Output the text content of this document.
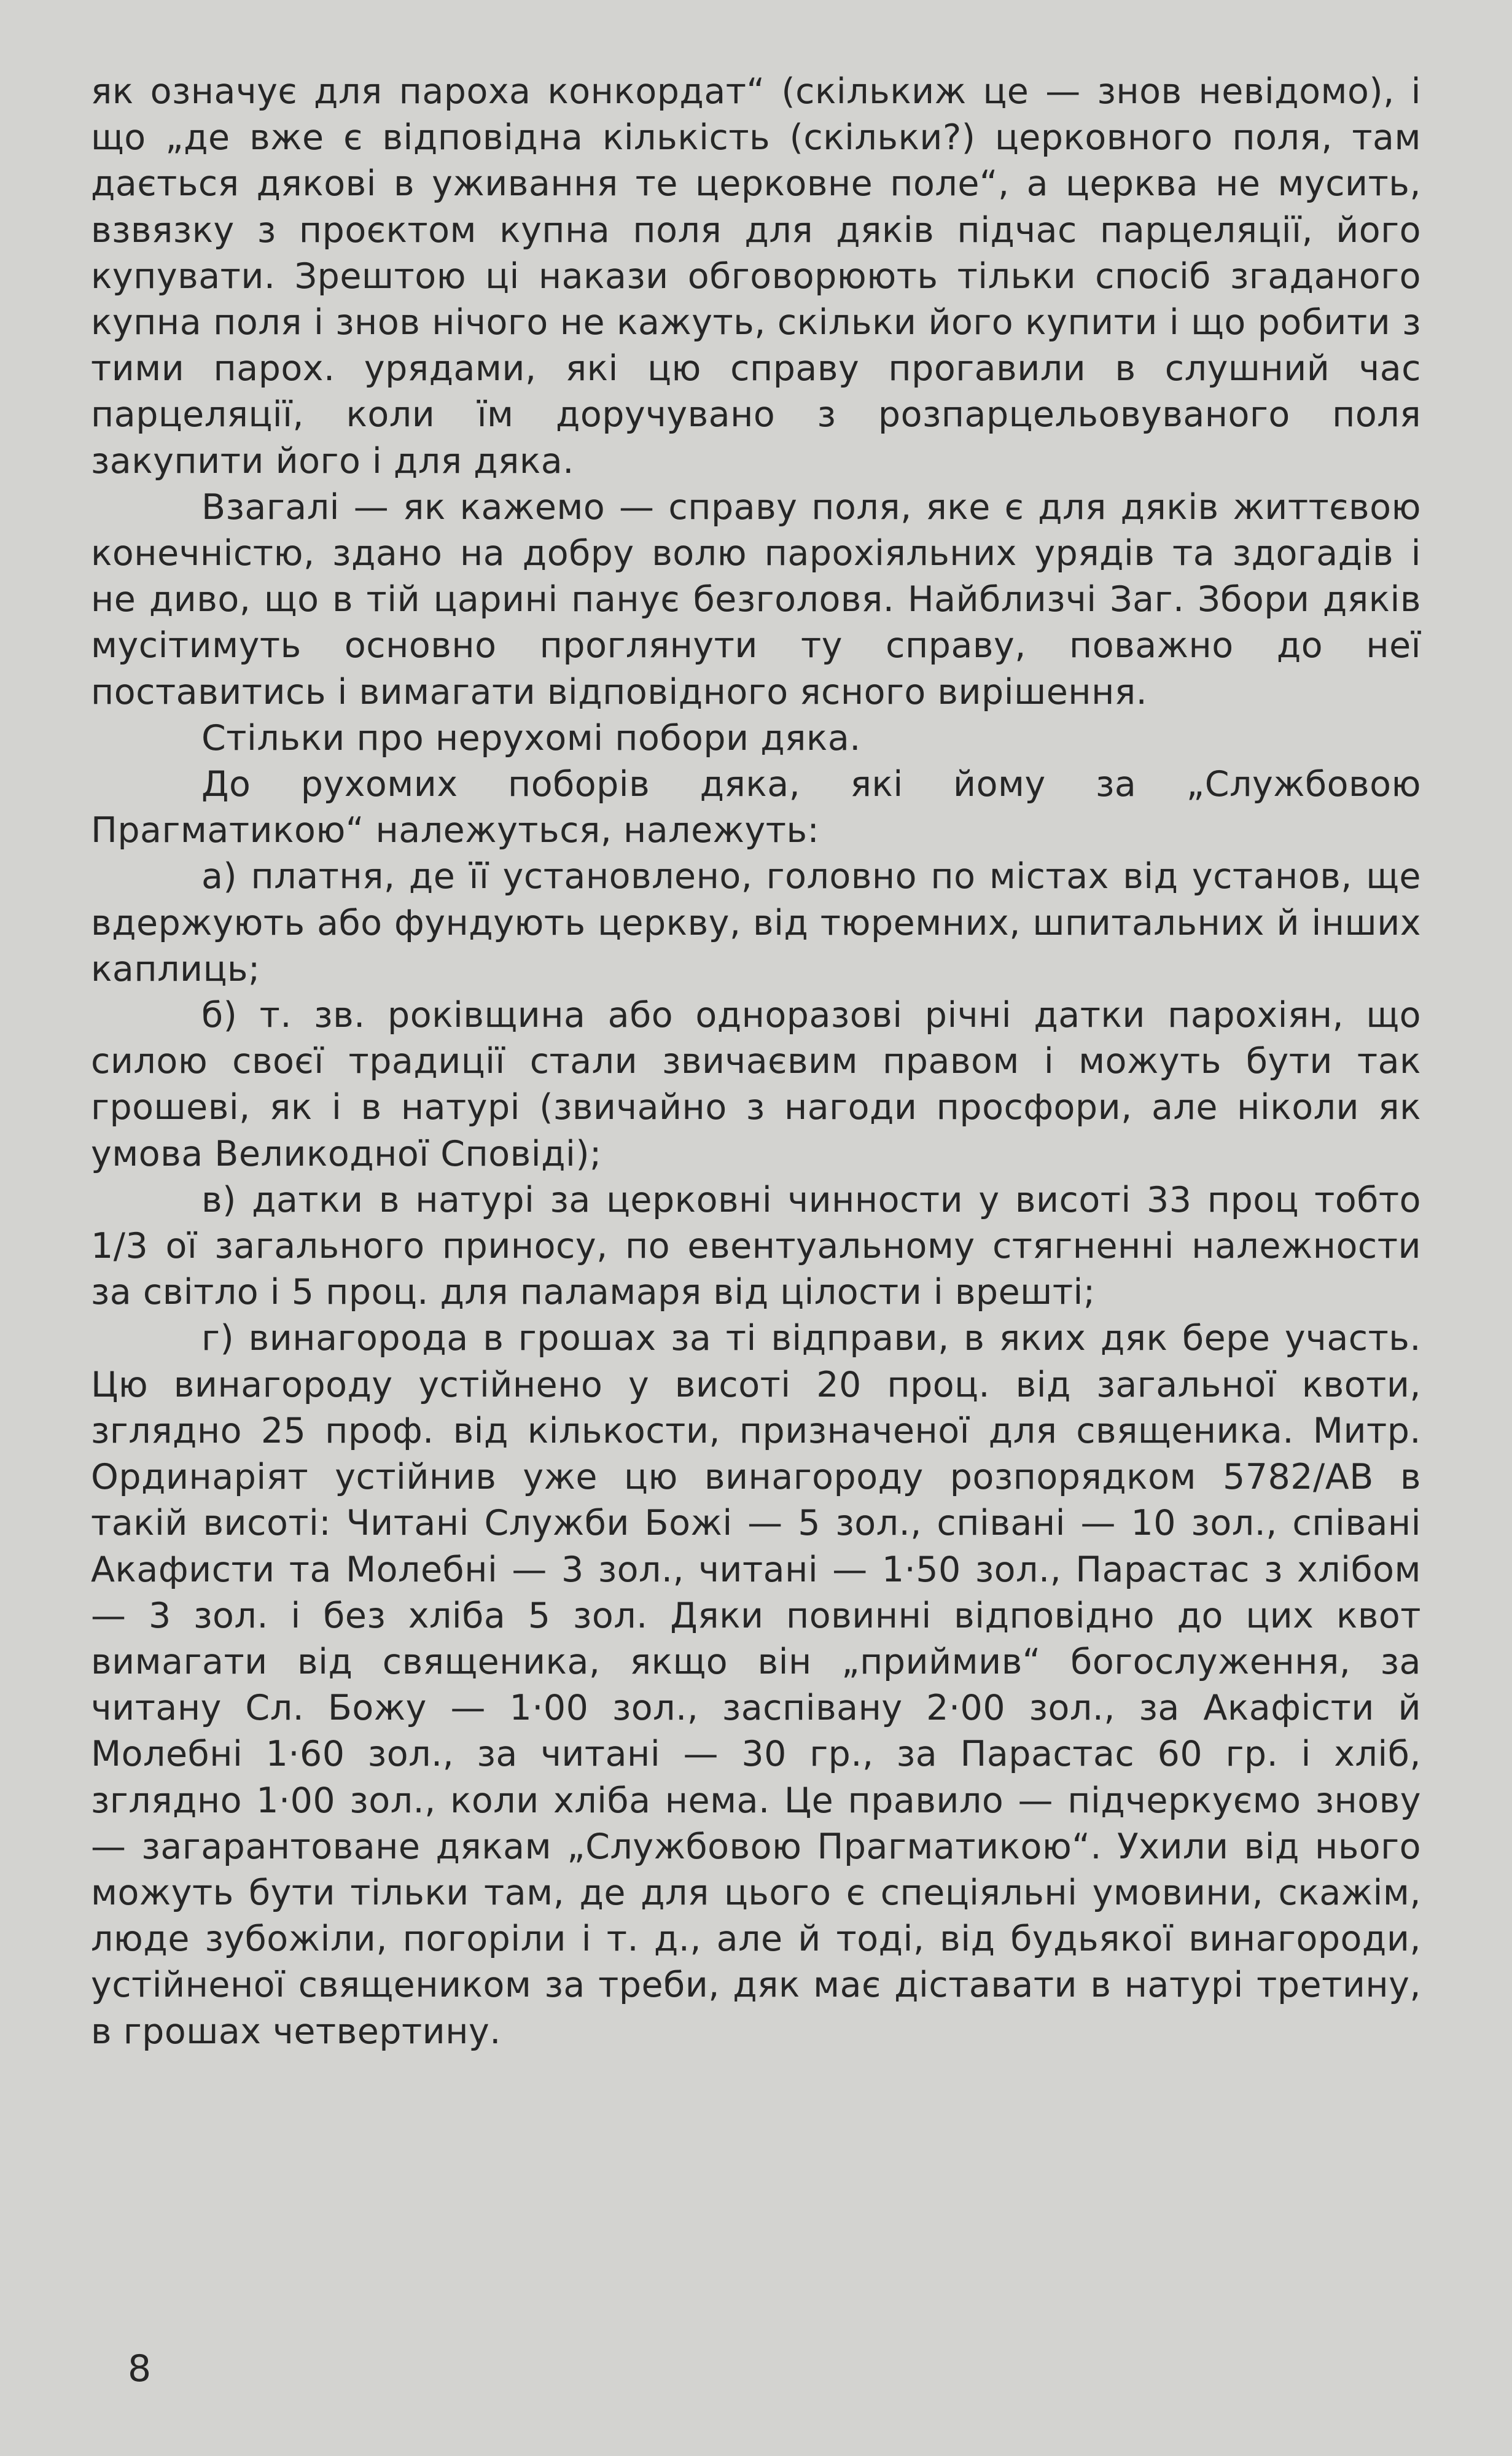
як означує для пароха конкордат“ (скількиж це — знов невідомо), і що „де вже є відповідна кількість (скільки?) церковного поля, там дається дякові в уживання те церковне поле“, а церква не мусить, взвязку з проєктом купна поля для дяків підчас парцеляції, його купувати. Зрештою ці накази обговорюють тільки спосіб згаданого купна поля і знов нічого не кажуть, скільки його купити і що робити з тими парох. урядами, які цю справу прогавили в слушний час парцеляції, коли їм доручувано з розпарцельовуваного поля закупити його і для дяка.

Взагалі — як кажемо — справу поля, яке є для дяків життєвою конечністю, здано на добру волю парохіяльних урядів та здогадів і не диво, що в тій царині панує безголовя. Найблизчі Заг. Збори дяків мусітимуть основно проглянути ту справу, поважно до неї поставитись і вимагати відповідного ясного вирішення.

Стільки про нерухомі побори дяка.

До рухомих поборів дяка, які йому за „Службовою Прагматикою“ належуться, належуть:

а) платня, де її установлено, головно по містах від установ, ще вдержують або фундують церкву, від тюремних, шпитальних й інших каплиць;

б) т. зв. роківщина або одноразові річні датки парохіян, що силою своєї традиції стали звичаєвим правом і можуть бути так грошеві, як і в натурі (звичайно з нагоди просфори, але ніколи як умова Великодної Сповіді);

в) датки в натурі за церковні чинности у висоті 33 проц тобто 1/3 ої загального приносу, по евентуальному стягненні належности за світло і 5 проц. для паламаря від цілости і врешті;

г) винагорода в грошах за ті відправи, в яких дяк бере участь. Цю винагороду устійнено у висоті 20 проц. від загальної квоти, зглядно 25 проф. від кількости, призначеної для священика. Митр. Ординаріят устійнив уже цю винагороду розпорядком 5782/АВ в такій висоті: Читані Служби Божі — 5 зол., співані — 10 зол., співані Акафисти та Молебні — 3 зол., читані — 1·50 зол., Парастас з хлібом — 3 зол. і без хліба 5 зол. Дяки повинні відповідно до цих квот вимагати від священика, якщо він „приймив“ богослуження, за читану Сл. Божу — 1·00 зол., заспівану 2·00 зол., за Акафісти й Молебні 1·60 зол., за читані — 30 гр., за Парастас 60 гр. і хліб, зглядно 1·00 зол., коли хліба нема. Це правило — підчеркуємо знову — загарантоване дякам „Службовою Прагматикою“. Ухили від нього можуть бути тільки там, де для цього є спеціяльні умовини, скажім, люде зубожіли, погоріли і т. д., але й тоді, від будьякої винагороди, устійненої священиком за треби, дяк має діставати в натурі третину, в грошах четвертину.

8
